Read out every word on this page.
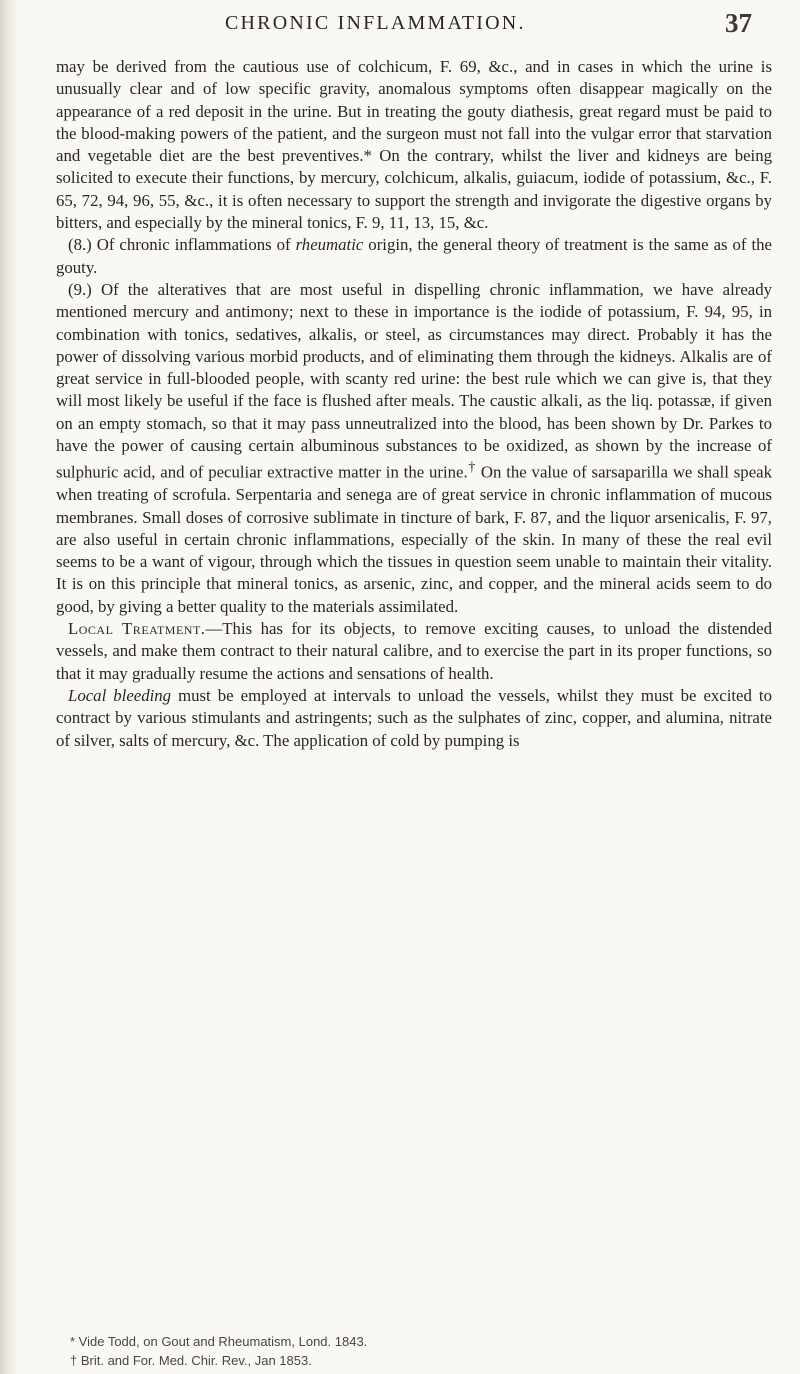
CHRONIC INFLAMMATION.	37

may be derived from the cautious use of colchicum, F. 69, &c., and in cases in which the urine is unusually clear and of low specific gravity, anomalous symptoms often disappear magically on the appearance of a red deposit in the urine. But in treating the gouty diathesis, great regard must be paid to the blood-making powers of the patient, and the surgeon must not fall into the vulgar error that starvation and vegetable diet are the best preventives.* On the contrary, whilst the liver and kidneys are being solicited to execute their functions, by mercury, colchicum, alkalis, guiacum, iodide of potassium, &c., F. 65, 72, 94, 96, 55, &c., it is often necessary to support the strength and invigorate the digestive organs by bitters, and especially by the mineral tonics, F. 9, 11, 13, 15, &c.

(8.) Of chronic inflammations of rheumatic origin, the general theory of treatment is the same as of the gouty.

(9.) Of the alteratives that are most useful in dispelling chronic inflammation, we have already mentioned mercury and antimony; next to these in importance is the iodide of potassium, F. 94, 95, in combination with tonics, sedatives, alkalis, or steel, as circumstances may direct. Probably it has the power of dissolving various morbid products, and of eliminating them through the kidneys. Alkalis are of great service in full-blooded people, with scanty red urine: the best rule which we can give is, that they will most likely be useful if the face is flushed after meals. The caustic alkali, as the liq. potassæ, if given on an empty stomach, so that it may pass unneutralized into the blood, has been shown by Dr. Parkes to have the power of causing certain albuminous substances to be oxidized, as shown by the increase of sulphuric acid, and of peculiar extractive matter in the urine.† On the value of sarsaparilla we shall speak when treating of scrofula. Serpentaria and senega are of great service in chronic inflammation of mucous membranes. Small doses of corrosive sublimate in tincture of bark, F. 87, and the liquor arsenicalis, F. 97, are also useful in certain chronic inflammations, especially of the skin. In many of these the real evil seems to be a want of vigour, through which the tissues in question seem unable to maintain their vitality. It is on this principle that mineral tonics, as arsenic, zinc, and copper, and the mineral acids seem to do good, by giving a better quality to the materials assimilated.

Local Treatment.—This has for its objects, to remove exciting causes, to unload the distended vessels, and make them contract to their natural calibre, and to exercise the part in its proper functions, so that it may gradually resume the actions and sensations of health.

Local bleeding must be employed at intervals to unload the vessels, whilst they must be excited to contract by various stimulants and astringents; such as the sulphates of zinc, copper, and alumina, nitrate of silver, salts of mercury, &c. The application of cold by pumping is

* Vide Todd, on Gout and Rheumatism, Lond. 1843.

† Brit. and For. Med. Chir. Rev., Jan 1853.
